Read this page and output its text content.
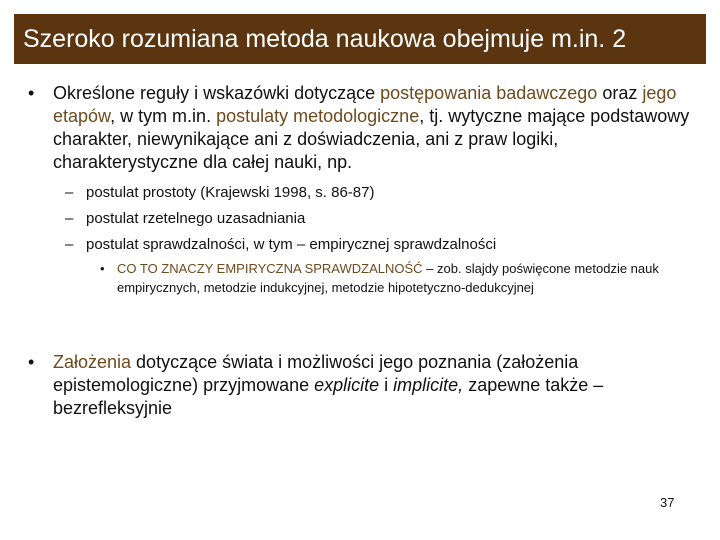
Szeroko rozumiana metoda naukowa obejmuje m.in. 2
• Określone reguły i wskazówki dotyczące postępowania badawczego oraz jego etapów, w tym m.in. postulaty metodologiczne, tj. wytyczne mające podstawowy charakter, niewynikające ani z doświadczenia, ani z praw logiki, charakterystyczne dla całej nauki, np.
– postulat prostoty (Krajewski 1998, s. 86-87)
– postulat rzetelnego uzasadniania
– postulat sprawdzalności, w tym – empirycznej sprawdzalności
• CO TO ZNACZY EMPIRYCZNA SPRAWDZALNOŚĆ – zob. slajdy poświęcone metodzie nauk empirycznych, metodzie indukcyjnej, metodzie hipotetyczno-dedukcyjnej
• Założenia dotyczące świata i możliwości jego poznania (założenia epistemologiczne) przyjmowane explicite i implicite, zapewne także – bezrefleksyjnie
37
